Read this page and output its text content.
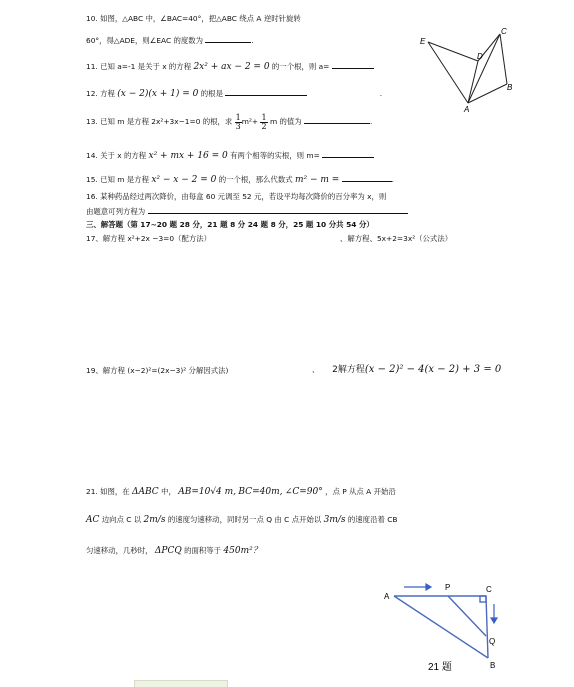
10. 如图，△ABC 中，∠BAC=40°，把△ABC 绕点 A 逆时针旋转
60°，得△ADE，则∠EAC 的度数为	.
11. 已知 a=-1 是关于 x 的方程 2x² + ax − 2 = 0 的一个根，则 a=
12. 方程 (x − 2)(x + 1) = 0 的根是	.
13. 已知 m 是方程 2x²+3x−1=0 的根，求 $\frac{1}{3} m^2+ \frac{1}{2}$ m 的值为	.
14. 关于 x 的方程 x² + mx + 16 = 0 有两个相等的实根，则 m=
15. 已知 m 是方程 x² − x − 2 = 0 的一个根，那么代数式 m² − m =	.
16. 某种药品经过两次降价，由每盒 60 元调至 52 元，若设平均每次降价的百分率为 x，则
由题意可列方程为
三、解答题（第 17~20 题 28 分，21 题 8 分 24 题 8 分，25 题 10 分共 54 分）
17、解方程 x²+2x −3=0（配方法）	、解方程、5x+2=3x²（公式法）
19、解方程 (x−2)²=(2x−3)² 分解因式法)	、 2解方程(x − 2)² − 4(x − 2) + 3 = 0
21. 如图，在 ΔABC 中， AB=10√4 m, BC=40m, ∠C=90° ，点 P 从点 A 开始沿
AC 边向点 C 以 2m/s 的速度匀速移动，同时另一点 Q 由 C 点开始以 3m/s 的速度沿着 CB
匀速移动，几秒时， ΔPCQ 的面积等于 450m²？
E
D
C
A
B
A
P	C
Q
B
21 题
